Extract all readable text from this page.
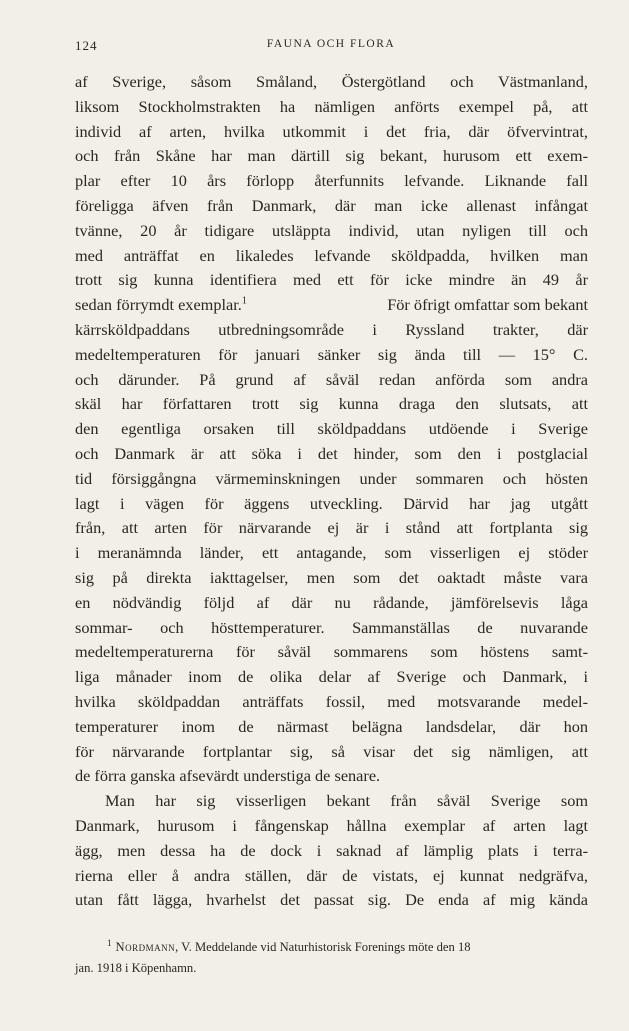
124	FAUNA OCH FLORA
af Sverige, såsom Småland, Östergötland och Västmanland,
liksom Stockholmstrakten ha nämligen anförts exempel på, att
individ af arten, hvilka utkommit i det fria, där öfvervintrat,
och från Skåne har man därtill sig bekant, hurusom ett exem-
plar efter 10 års förlopp återfunnits lefvande. Liknande fall
föreligga äfven från Danmark, där man icke allenast infångat
tvänne, 20 år tidigare utsläppta individ, utan nyligen till och
med anträffat en likaledes lefvande sköldpadda, hvilken man
trott sig kunna identifiera med ett för icke mindre än 49 år
sedan förrymdt exemplar.$^1$	För öfrigt omfattar som bekant
kärrsköldpaddans utbredningsområde i Ryssland trakter, där
medeltemperaturen för januari sänker sig ända till — 15° C.
och därunder. På grund af såväl redan anförda som andra
skäl har författaren trott sig kunna draga den slutsats, att
den egentliga orsaken till sköldpaddans utdöende i Sverige
och Danmark är att söka i det hinder, som den i postglacial
tid försiggångna värmeminskningen under sommaren och hösten
lagt i vägen för äggens utveckling. Därvid har jag utgått
från, att arten för närvarande ej är i stånd att fortplanta sig
i meranämnda länder, ett antagande, som visserligen ej stöder
sig på direkta iakttagelser, men som det oaktadt måste vara
en nödvändig följd af där nu rådande, jämförelsevis låga
sommar- och hösttemperaturer. Sammanställas de nuvarande
medeltemperaturerna för såväl sommarens som höstens samt-
liga månader inom de olika delar af Sverige och Danmark, i
hvilka sköldpaddan anträffats fossil, med motsvarande medel-
temperaturer inom de närmast belägna landsdelar, där hon
för närvarande fortplantar sig, så visar det sig nämligen, att
de förra ganska afsevärdt understiga de senare.
Man har sig visserligen bekant från såväl Sverige som
Danmark, hurusom i fångenskap hållna exemplar af arten lagt
ägg, men dessa ha de dock i saknad af lämplig plats i terra-
rierna eller å andra ställen, där de vistats, ej kunnat nedgräfva,
utan fått lägga, hvarhelst det passat sig. De enda af mig kända
$^1$ Nordmann, V. Meddelande vid Naturhistorisk Forenings möte den 18
jan. 1918 i Köpenhamn.
